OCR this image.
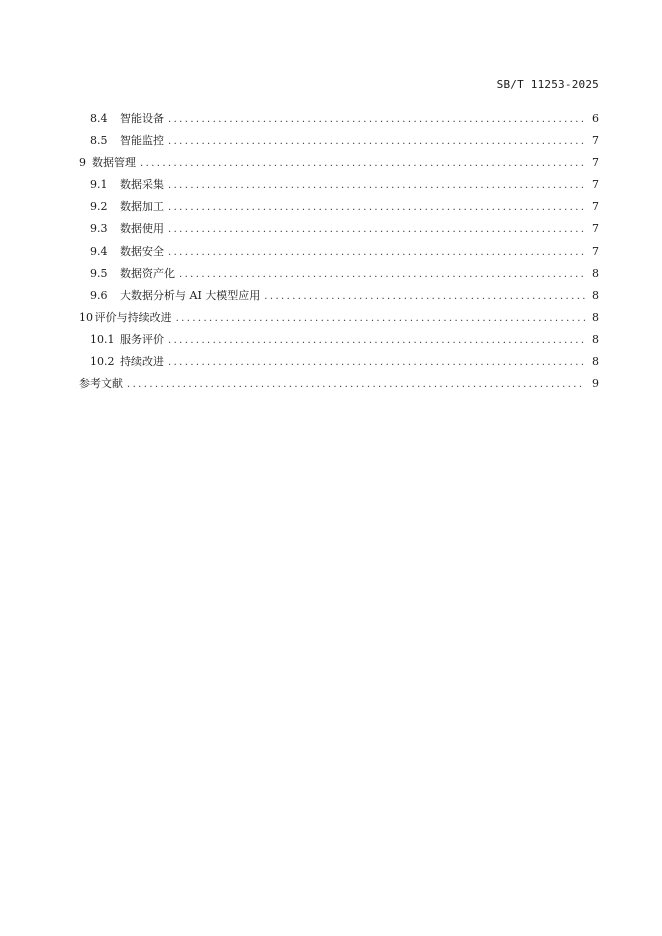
SB/T 11253-2025
8.4 智能设备 .....	6
8.5 智能监控 .....	7
9 数据管理 .....	7
9.1 数据采集 .....	7
9.2 数据加工 .....	7
9.3 数据使用 .....	7
9.4 数据安全 .....	7
9.5 数据资产化 .....	8
9.6 大数据分析与 AI 大模型应用 .....	8
10 评价与持续改进 .....	8
10.1 服务评价 .....	8
10.2 持续改进 .....	8
参考文献 .....	9
